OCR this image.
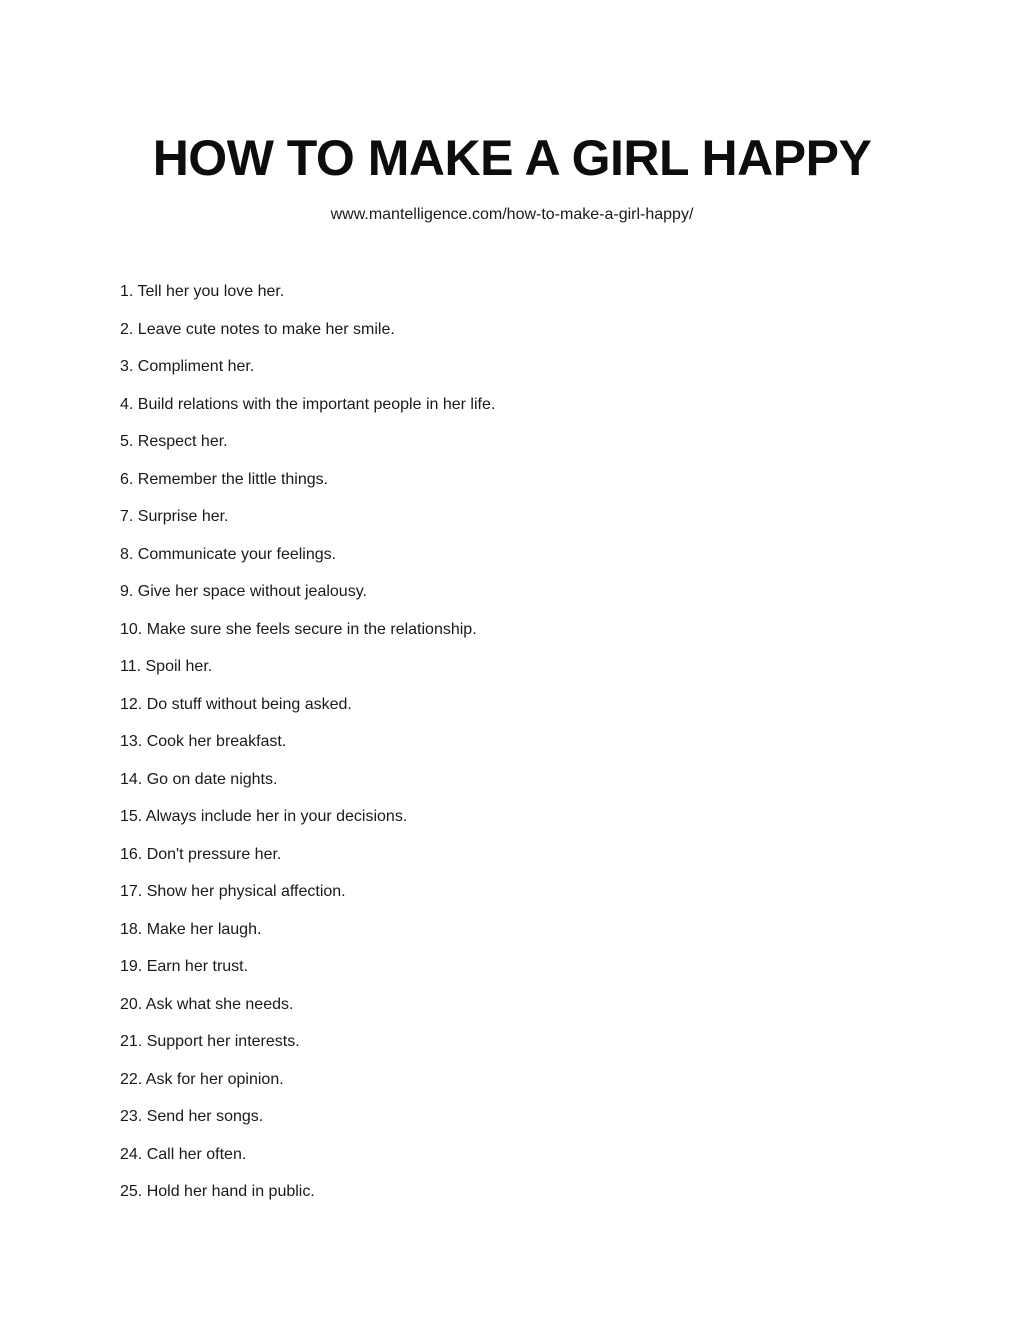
HOW TO MAKE A GIRL HAPPY
www.mantelligence.com/how-to-make-a-girl-happy/
1. Tell her you love her.
2. Leave cute notes to make her smile.
3. Compliment her.
4. Build relations with the important people in her life.
5. Respect her.
6. Remember the little things.
7. Surprise her.
8. Communicate your feelings.
9. Give her space without jealousy.
10. Make sure she feels secure in the relationship.
11. Spoil her.
12. Do stuff without being asked.
13. Cook her breakfast.
14. Go on date nights.
15. Always include her in your decisions.
16. Don't pressure her.
17. Show her physical affection.
18. Make her laugh.
19. Earn her trust.
20. Ask what she needs.
21. Support her interests.
22. Ask for her opinion.
23. Send her songs.
24. Call her often.
25. Hold her hand in public.
